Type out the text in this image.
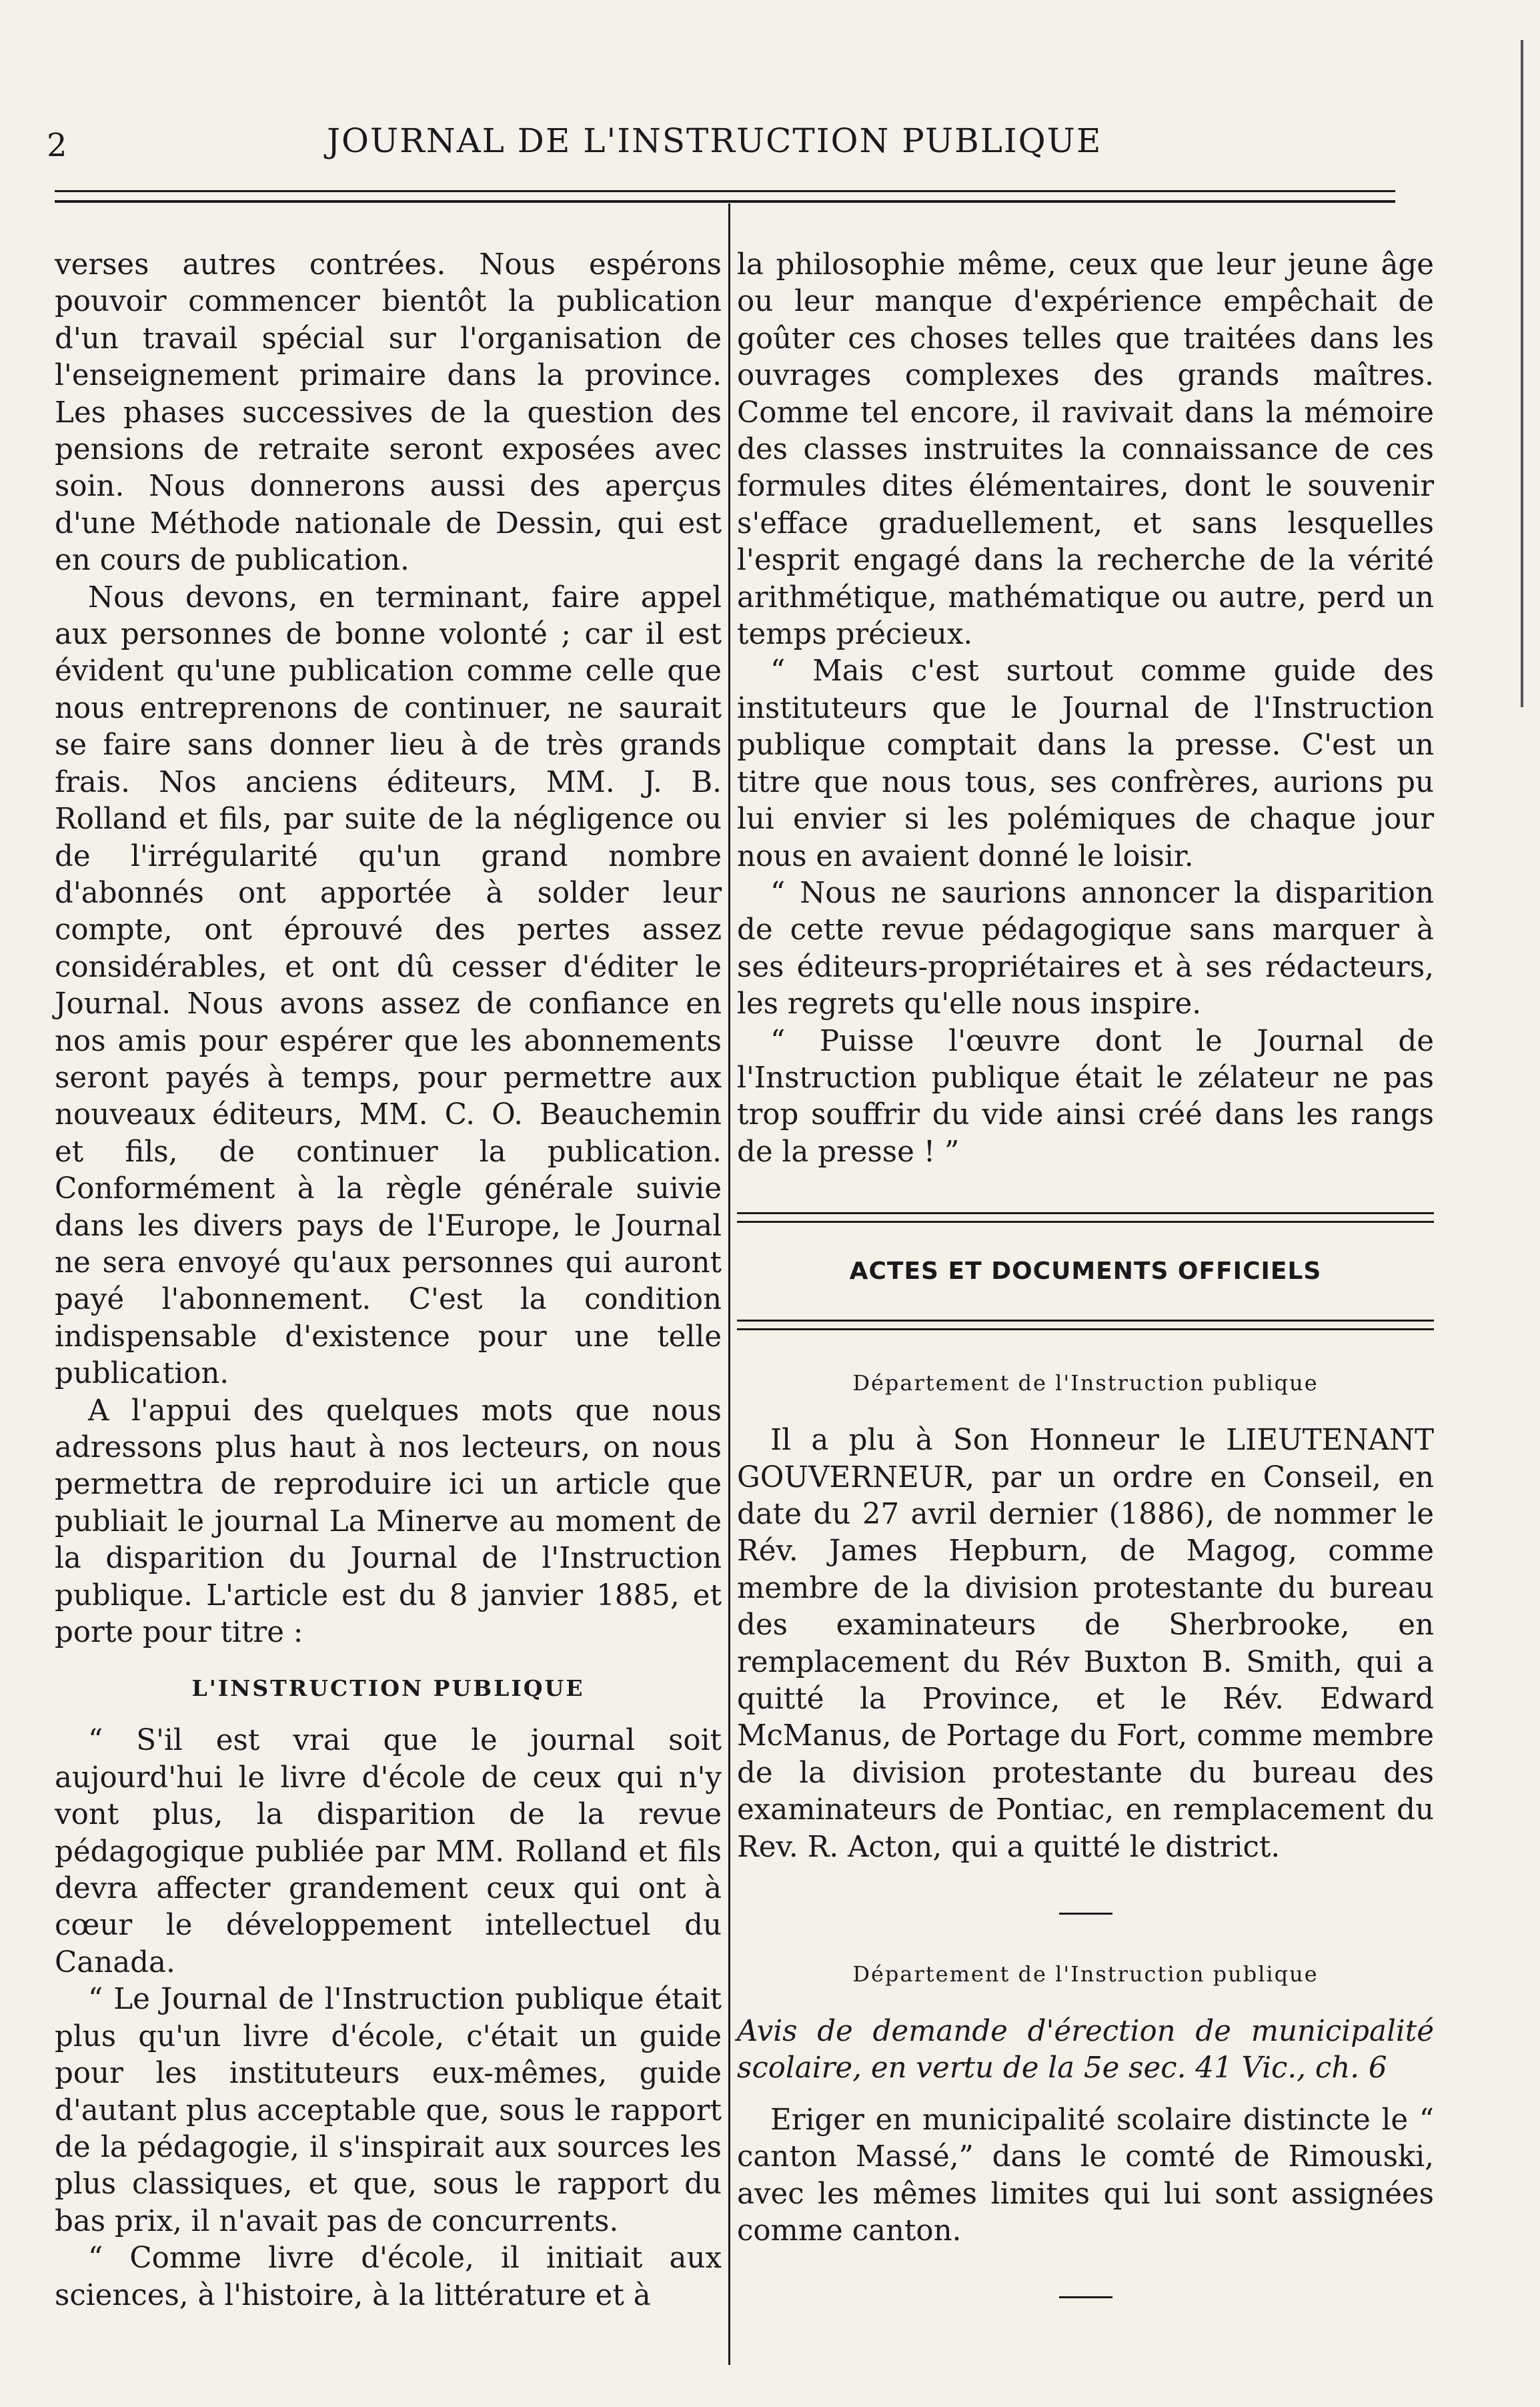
2	JOURNAL DE L'INSTRUCTION PUBLIQUE

verses autres contrées. Nous espérons pouvoir commencer bientôt la publication d'un travail spécial sur l'organisation de l'enseignement primaire dans la province. Les phases successives de la question des pensions de retraite seront exposées avec soin. Nous donnerons aussi des aperçus d'une Méthode nationale de Dessin, qui est en cours de publication.

Nous devons, en terminant, faire appel aux personnes de bonne volonté ; car il est évident qu'une publication comme celle que nous entreprenons de continuer, ne saurait se faire sans donner lieu à de très grands frais. Nos anciens éditeurs, MM. J. B. Rolland et fils, par suite de la négligence ou de l'irrégularité qu'un grand nombre d'abonnés ont apportée à solder leur compte, ont éprouvé des pertes assez considérables, et ont dû cesser d'éditer le Journal. Nous avons assez de confiance en nos amis pour espérer que les abonnements seront payés à temps, pour permettre aux nouveaux éditeurs, MM. C. O. Beauchemin et fils, de continuer la publication. Conformément à la règle générale suivie dans les divers pays de l'Europe, le Journal ne sera envoyé qu'aux personnes qui auront payé l'abonnement. C'est la condition indispensable d'existence pour une telle publication.

A l'appui des quelques mots que nous adressons plus haut à nos lecteurs, on nous permettra de reproduire ici un article que publiait le journal La Minerve au moment de la disparition du Journal de l'Instruction publique. L'article est du 8 janvier 1885, et porte pour titre :

L'INSTRUCTION PUBLIQUE

“ S'il est vrai que le journal soit aujourd'hui le livre d'école de ceux qui n'y vont plus, la disparition de la revue pédagogique publiée par MM. Rolland et fils devra affecter grandement ceux qui ont à cœur le développement intellectuel du Canada.

“ Le Journal de l'Instruction publique était plus qu'un livre d'école, c'était un guide pour les instituteurs eux-mêmes, guide d'autant plus acceptable que, sous le rapport de la pédagogie, il s'inspirait aux sources les plus classiques, et que, sous le rapport du bas prix, il n'avait pas de concurrents.

“ Comme livre d'école, il initiait aux sciences, à l'histoire, à la littérature et à

la philosophie même, ceux que leur jeune âge ou leur manque d'expérience empêchait de goûter ces choses telles que traitées dans les ouvrages complexes des grands maîtres. Comme tel encore, il ravivait dans la mémoire des classes instruites la connaissance de ces formules dites élémentaires, dont le souvenir s'efface graduellement, et sans lesquelles l'esprit engagé dans la recherche de la vérité arithmétique, mathématique ou autre, perd un temps précieux.

“ Mais c'est surtout comme guide des instituteurs que le Journal de l'Instruction publique comptait dans la presse. C'est un titre que nous tous, ses confrères, aurions pu lui envier si les polémiques de chaque jour nous en avaient donné le loisir.

“ Nous ne saurions annoncer la disparition de cette revue pédagogique sans marquer à ses éditeurs-propriétaires et à ses rédacteurs, les regrets qu'elle nous inspire.

“ Puisse l'œuvre dont le Journal de l'Instruction publique était le zélateur ne pas trop souffrir du vide ainsi créé dans les rangs de la presse ! ”

ACTES ET DOCUMENTS OFFICIELS
Département de l'Instruction publique

Il a plu à Son Honneur le LIEUTENANT GOUVERNEUR, par un ordre en Conseil, en date du 27 avril dernier (1886), de nommer le Rév. James Hepburn, de Magog, comme membre de la division protestante du bureau des examinateurs de Sherbrooke, en remplacement du Rév Buxton B. Smith, qui a quitté la Province, et le Rév. Edward McManus, de Portage du Fort, comme membre de la division protestante du bureau des examinateurs de Pontiac, en remplacement du Rev. R. Acton, qui a quitté le district.

Département de l'Instruction publique

Avis de demande d'érection de municipalité scolaire, en vertu de la 5e sec. 41 Vic., ch. 6

Eriger en municipalité scolaire distincte le “ canton Massé,” dans le comté de Rimouski, avec les mêmes limites qui lui sont assignées comme canton.
